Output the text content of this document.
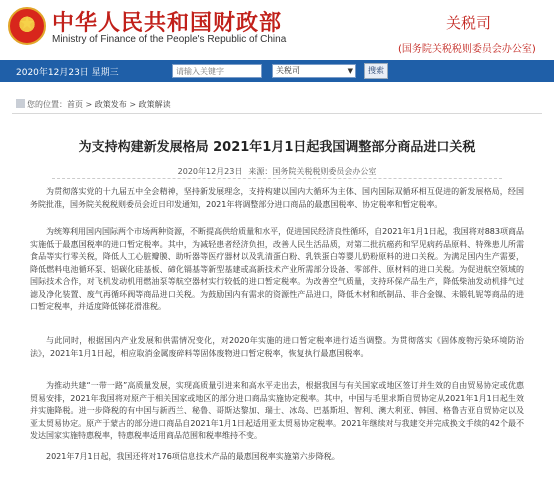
★ 中华人民共和国财政部
Ministry of Finance of the People's Republic of China
关税司
(国务院关税税则委员会办公室)
2020年12月23日 星期三
请输入关键字	关税司	▼	搜索
您的位置：首页 > 政策发布 > 政策解读
为支持构建新发展格局 2021年1月1日起我国调整部分商品进口关税
2020年12月23日 来源：国务院关税税则委员会办公室

为贯彻落实党的十九届五中全会精神，坚持新发展理念，支持构建以国内大循环为主体、国内国际双循环相互促进的新发展格局，经国务院批准，国务院关税税则委员会近日印发通知，2021年将调整部分进口商品的最惠国税率、协定税率和暂定税率。

为统筹利用国内国际两个市场两种资源，不断提高供给质量和水平，促进国民经济良性循环，自2021年1月1日起，我国将对883项商品实施低于最惠国税率的进口暂定税率。其中，为减轻患者经济负担，改善人民生活品质，对第二批抗癌药和罕见病药品原料、特殊患儿所需食品等实行零关税，降低人工心脏瓣膜、助听器等医疗器材以及乳清蛋白粉、乳铁蛋白等婴儿奶粉原料的进口关税。为满足国内生产需要，降低燃料电池循环泵、铝碳化硅基板、碲化镉基等新型基建或高新技术产业所需部分设备、零部件、原材料的进口关税。为促进航空领域的国际技术合作，对飞机发动机用燃油泵等航空器材实行较低的进口暂定税率。为改善空气质量，支持环保产品生产，降低柴油发动机排气过滤及净化装置、废气再循环阀等商品进口关税。为鼓励国内有需求的资源性产品进口，降低木材和纸制品、非合金镍、未锻轧铌等商品的进口暂定税率，并适度降低锑花滑准税。

与此同时，根据国内产业发展和供需情况变化，对2020年实施的进口暂定税率进行适当调整。为贯彻落实《固体废物污染环境防治法》，2021年1月1日起，相应取消金属废碎料等固体废物进口暂定税率，恢复执行最惠国税率。

为推动共建“一带一路”高质量发展，实现高质量引进来和高水平走出去，根据我国与有关国家或地区签订并生效的自由贸易协定或优惠贸易安排，2021年我国将对原产于相关国家或地区的部分进口商品实施协定税率。其中，中国与毛里求斯自贸协定从2021年1月1日起生效并实施降税。进一步降税的有中国与新西兰、秘鲁、哥斯达黎加、瑞士、冰岛、巴基斯坦、智利、澳大利亚、韩国、格鲁吉亚自贸协定以及亚太贸易协定。原产于蒙古的部分进口商品自2021年1月1日起适用亚太贸易协定税率。2021年继续对与我建交并完成换文手续的42个最不发达国家实施特惠税率，特惠税率适用商品范围和税率维持不变。

2021年7月1日起，我国还将对176项信息技术产品的最惠国税率实施第六步降税。
